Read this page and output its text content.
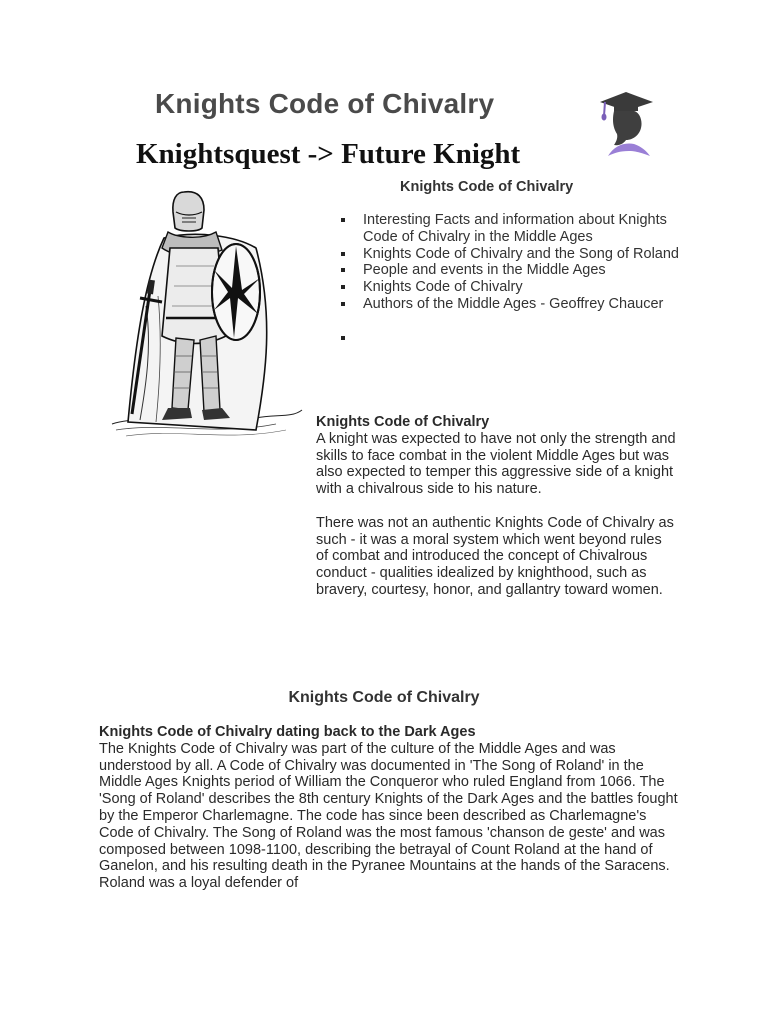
Knights Code of Chivalry
Knightsquest -> Future Knight
Knights Code of Chivalry
Interesting Facts and information about Knights Code of Chivalry in the Middle Ages
Knights Code of Chivalry and the Song of Roland
People and events in the Middle Ages
Knights Code of Chivalry
Authors of the Middle Ages - Geoffrey Chaucer
Knights Code of Chivalry

A knight was expected to have not only the strength and skills to face combat in the violent Middle Ages but was also expected to temper this aggressive side of a knight with a chivalrous side to his nature.

There was not an authentic Knights Code of Chivalry as such - it was a moral system which went beyond rules of combat and introduced the concept of Chivalrous conduct - qualities idealized by knighthood, such as bravery, courtesy, honor, and gallantry toward women.

Knights Code of Chivalry
Knights Code of Chivalry dating back to the Dark Ages

The Knights Code of Chivalry was part of the culture of the Middle Ages and was understood by all. A Code of Chivalry was documented in 'The Song of Roland' in the Middle Ages Knights period of William the Conqueror who ruled England from 1066. The 'Song of Roland' describes the 8th century Knights of the Dark Ages and the battles fought by the Emperor Charlemagne. The code has since been described as Charlemagne's Code of Chivalry. The Song of Roland was the most famous 'chanson de geste' and was composed between 1098-1100, describing the betrayal of Count Roland at the hand of Ganelon, and his resulting death in the Pyranee Mountains at the hands of the Saracens. Roland was a loyal defender of
